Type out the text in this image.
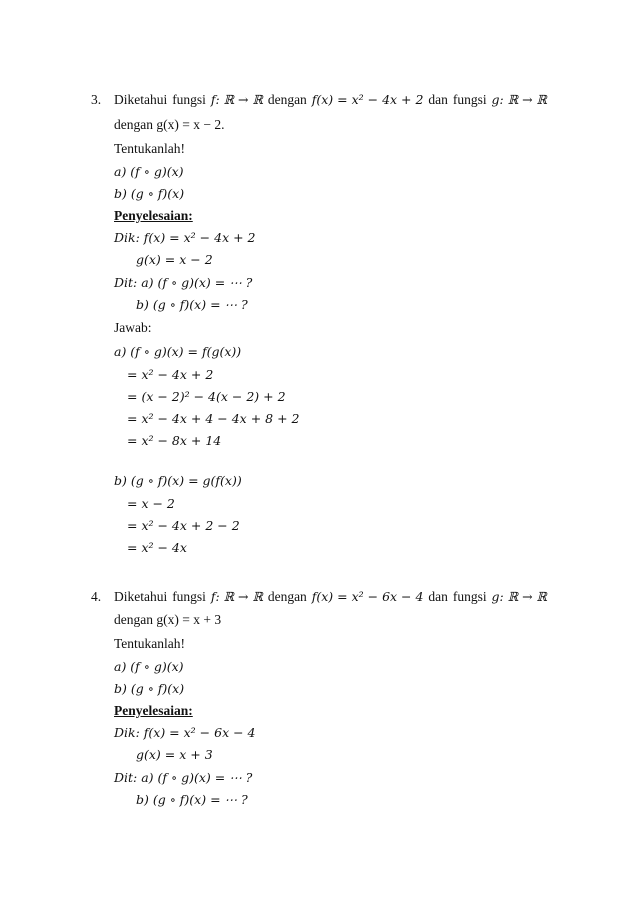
3. Diketahui fungsi f: ℝ → ℝ dengan f(x) = x² − 4x + 2 dan fungsi g: ℝ → ℝ
dengan g(x) = x − 2.
Tentukanlah!
a) (f ∘ g)(x)
b) (g ∘ f)(x)
Penyelesaian:
Dik: f(x) = x² − 4x + 2
g(x) = x − 2
Dit: a) (f ∘ g)(x) = ⋯ ?
b) (g ∘ f)(x) = ⋯ ?
Jawab:
a) (f ∘ g)(x) = f(g(x))
= x² − 4x + 2
= (x − 2)² − 4(x − 2) + 2
= x² − 4x + 4 − 4x + 8 + 2
= x² − 8x + 14
b) (g ∘ f)(x) = g(f(x))
= x − 2
= x² − 4x + 2 − 2
= x² − 4x
4. Diketahui fungsi f: ℝ → ℝ dengan f(x) = x² − 6x − 4 dan fungsi g: ℝ → ℝ
dengan g(x) = x + 3
Tentukanlah!
a) (f ∘ g)(x)
b) (g ∘ f)(x)
Penyelesaian:
Dik: f(x) = x² − 6x − 4
g(x) = x + 3
Dit: a) (f ∘ g)(x) = ⋯ ?
b) (g ∘ f)(x) = ⋯ ?
